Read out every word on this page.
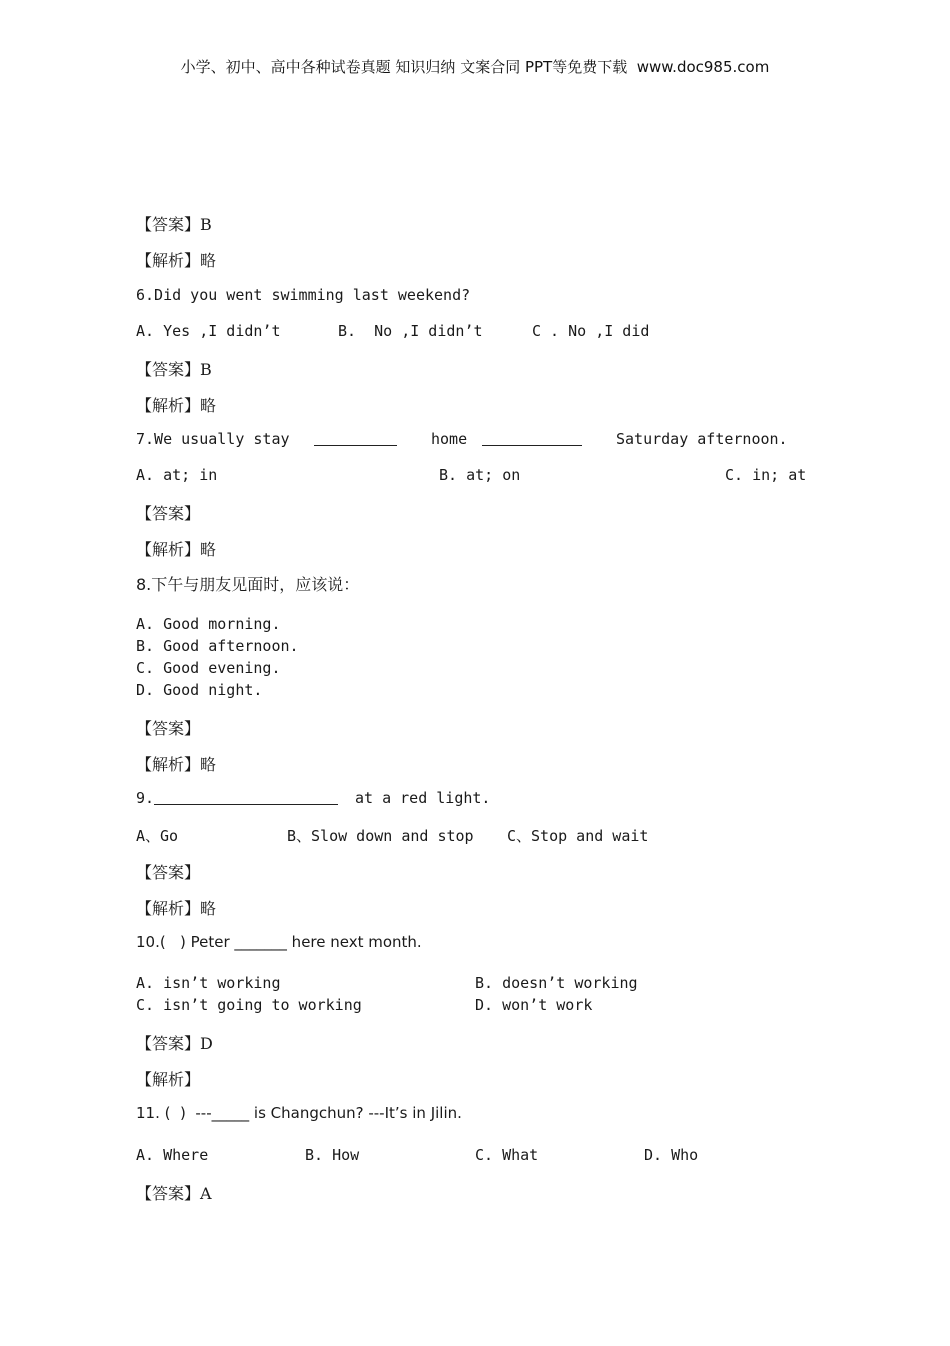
小学、初中、高中各种试卷真题 知识归纳 文案合同 PPT等免费下载  www.doc985.com
【答案】B
【解析】略
6.Did you went swimming last weekend?
A. Yes ,I didn’t	B.  No ,I didn’t	C . No ,I did
【答案】B
【解析】略
7.We usually stay	home	Saturday afternoon.
A. at; in	B. at; on	C. in; at
【答案】
【解析】略
8.下午与朋友见面时，应该说：
A. Good morning.
B. Good afternoon.
C. Good evening.
D. Good night.
【答案】
【解析】略
9.	at a red light.
A、Go	B、Slow down and stop C、Stop and wait
【答案】
【解析】略
10.(   ) Peter _______ here next month.
A. isn’t working	B. doesn’t working
C. isn’t going to working	D. won’t work
【答案】D
【解析】
11. (  )  ---_____ is Changchun? ---It’s in Jilin.
A. Where	B. How	C. What	D. Who
【答案】A
